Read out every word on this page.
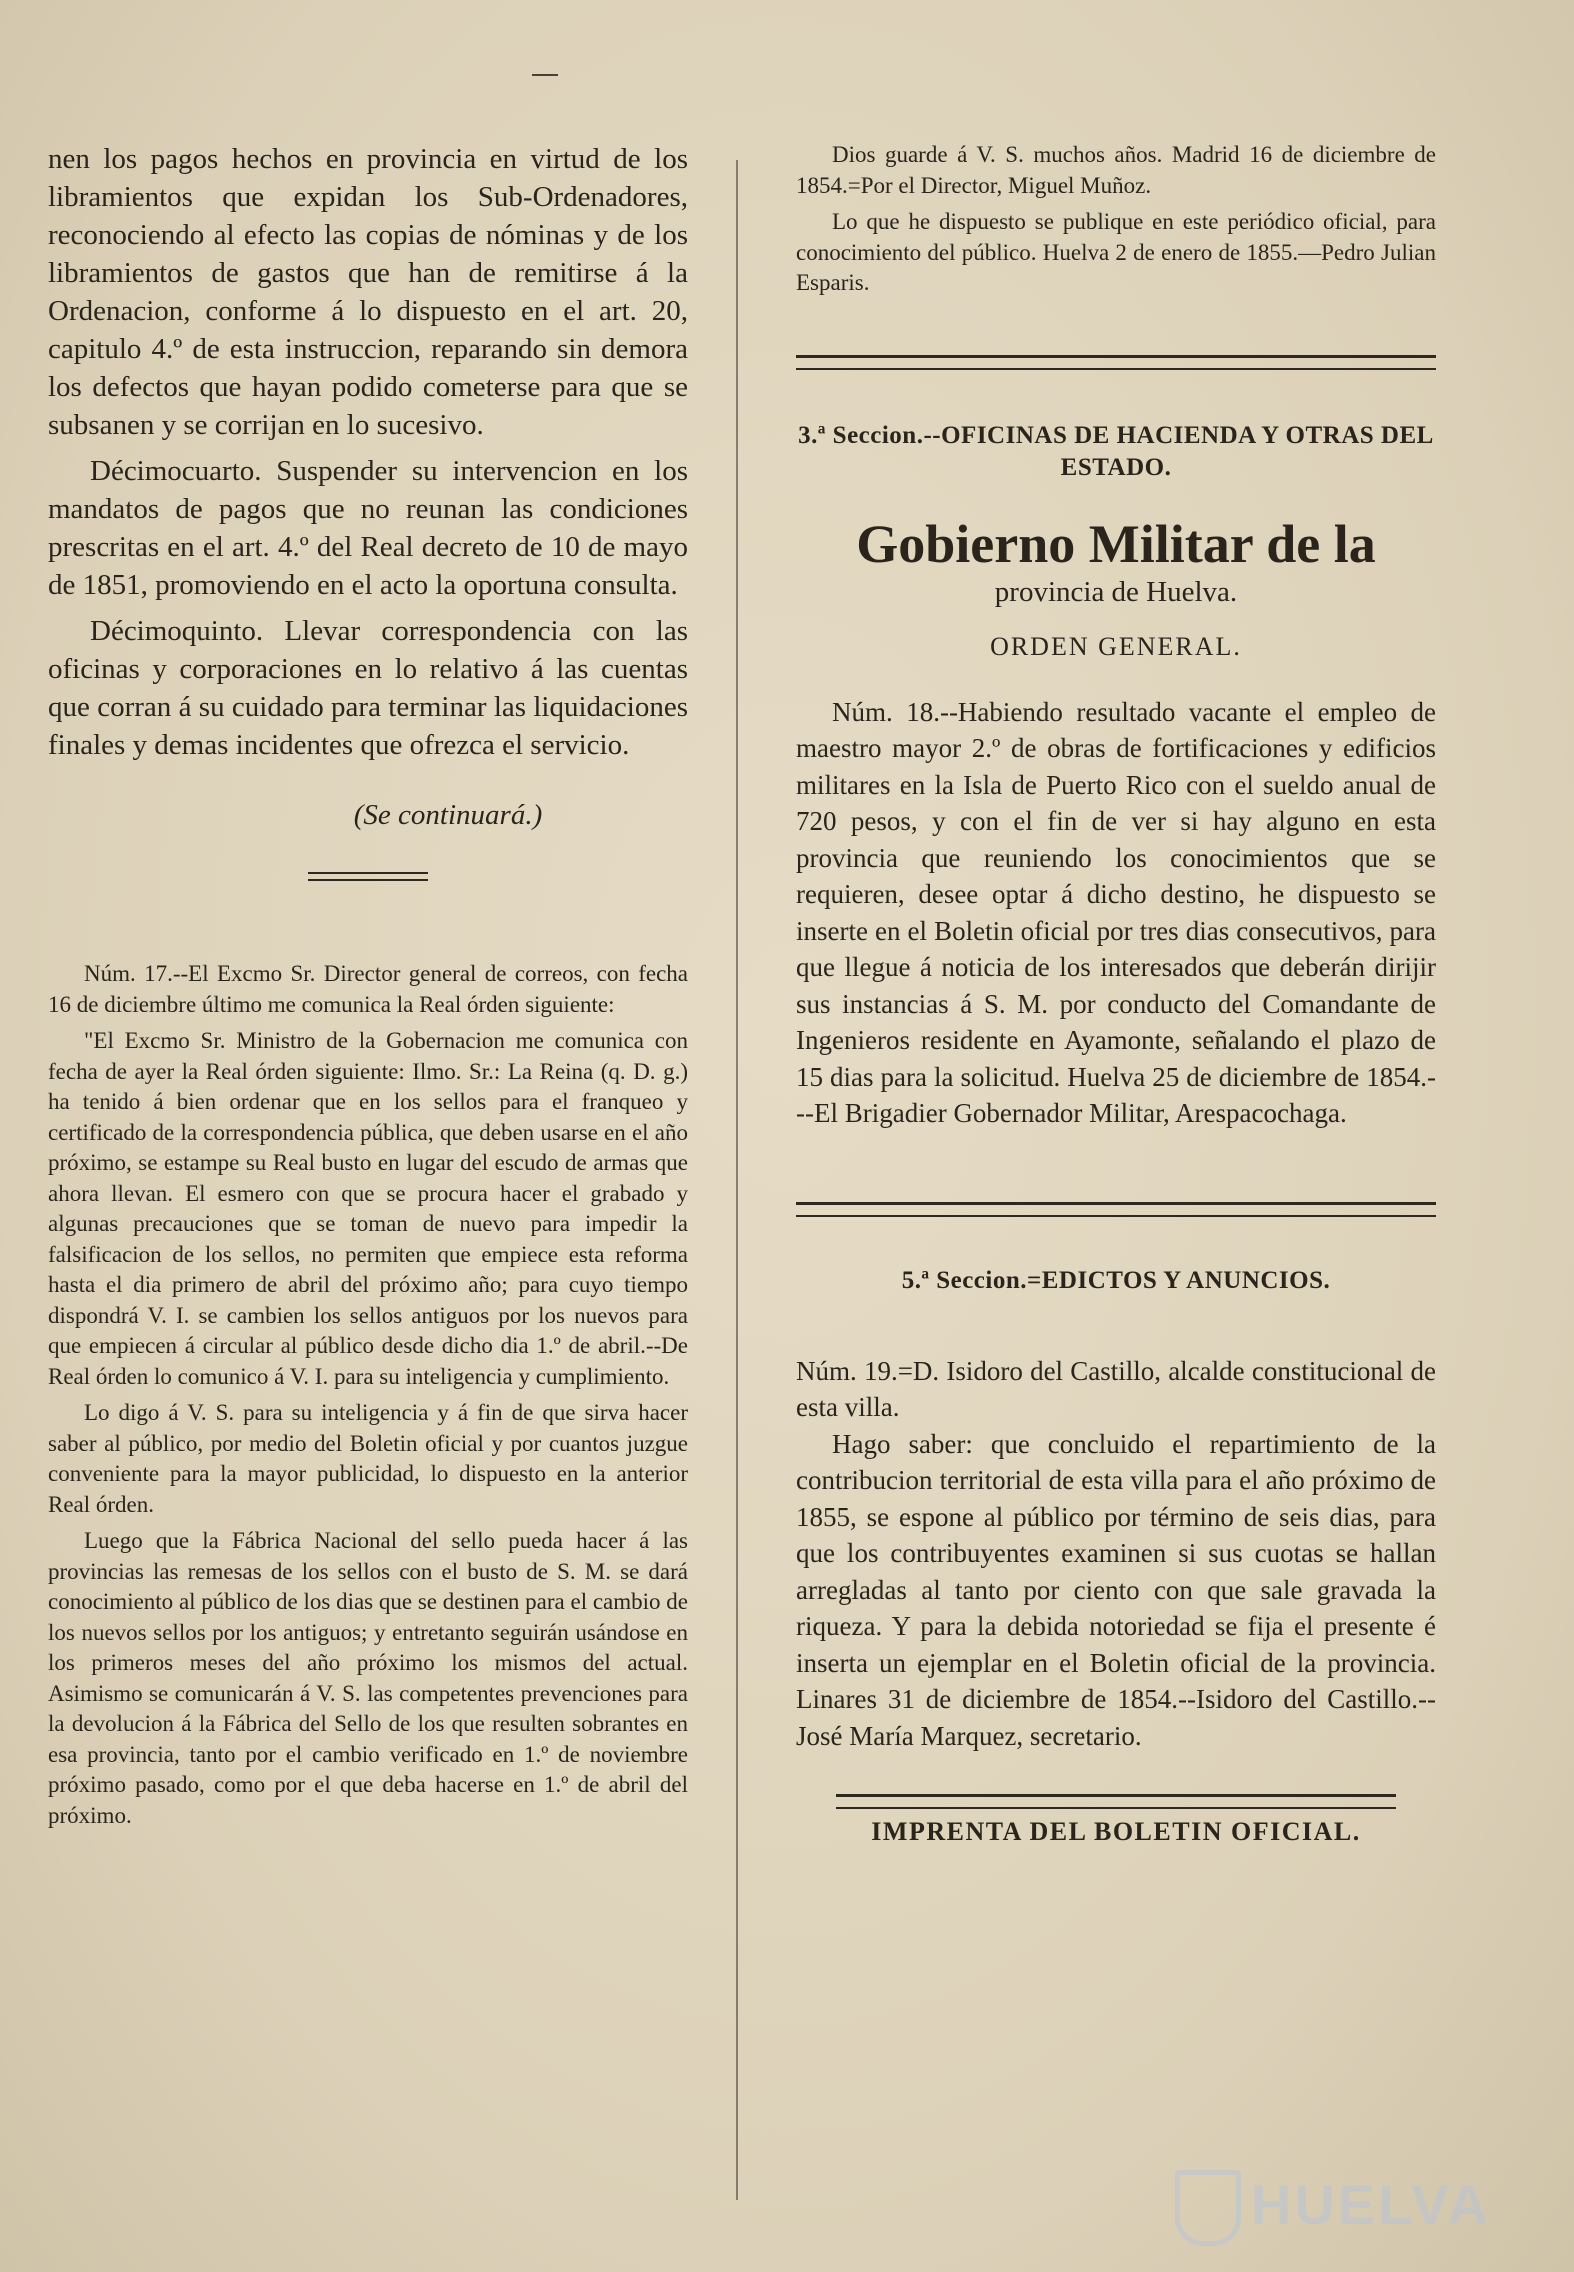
nen los pagos hechos en provincia en virtud de los libramientos que expidan los Sub-Ordenadores, reconociendo al efecto las copias de nóminas y de los libramientos de gastos que han de remitirse á la Ordenacion, conforme á lo dispuesto en el art. 20, capitulo 4.º de esta instruccion, reparando sin demora los defectos que hayan podido cometerse para que se subsanen y se corrijan en lo sucesivo.

Décimocuarto. Suspender su intervencion en los mandatos de pagos que no reunan las condiciones prescritas en el art. 4.º del Real decreto de 10 de mayo de 1851, promoviendo en el acto la oportuna consulta.

Décimoquinto. Llevar correspondencia con las oficinas y corporaciones en lo relativo á las cuentas que corran á su cuidado para terminar las liquidaciones finales y demas incidentes que ofrezca el servicio.

(Se continuará.)

Núm. 17.--El Excmo Sr. Director general de correos, con fecha 16 de diciembre último me comunica la Real órden siguiente:

"El Excmo Sr. Ministro de la Gobernacion me comunica con fecha de ayer la Real órden siguiente: Ilmo. Sr.: La Reina (q. D. g.) ha tenido á bien ordenar que en los sellos para el franqueo y certificado de la correspondencia pública, que deben usarse en el año próximo, se estampe su Real busto en lugar del escudo de armas que ahora llevan. El esmero con que se procura hacer el grabado y algunas precauciones que se toman de nuevo para impedir la falsificacion de los sellos, no permiten que empiece esta reforma hasta el dia primero de abril del próximo año; para cuyo tiempo dispondrá V. I. se cambien los sellos antiguos por los nuevos para que empiecen á circular al público desde dicho dia 1.º de abril.--De Real órden lo comunico á V. I. para su inteligencia y cumplimiento.

Lo digo á V. S. para su inteligencia y á fin de que sirva hacer saber al público, por medio del Boletin oficial y por cuantos juzgue conveniente para la mayor publicidad, lo dispuesto en la anterior Real órden.

Luego que la Fábrica Nacional del sello pueda hacer á las provincias las remesas de los sellos con el busto de S. M. se dará conocimiento al público de los dias que se destinen para el cambio de los nuevos sellos por los antiguos; y entretanto seguirán usándose en los primeros meses del año próximo los mismos del actual. Asimismo se comunicarán á V. S. las competentes prevenciones para la devolucion á la Fábrica del Sello de los que resulten sobrantes en esa provincia, tanto por el cambio verificado en 1.º de noviembre próximo pasado, como por el que deba hacerse en 1.º de abril del próximo.

Dios guarde á V. S. muchos años. Madrid 16 de diciembre de 1854.=Por el Director, Miguel Muñoz.

Lo que he dispuesto se publique en este periódico oficial, para conocimiento del público. Huelva 2 de enero de 1855.—Pedro Julian Esparis.

3.ª Seccion.--OFICINAS DE HACIENDA Y OTRAS DEL ESTADO.
Gobierno Militar de la
provincia de Huelva.
ORDEN GENERAL.

Núm. 18.--Habiendo resultado vacante el empleo de maestro mayor 2.º de obras de fortificaciones y edificios militares en la Isla de Puerto Rico con el sueldo anual de 720 pesos, y con el fin de ver si hay alguno en esta provincia que reuniendo los conocimientos que se requieren, desee optar á dicho destino, he dispuesto se inserte en el Boletin oficial por tres dias consecutivos, para que llegue á noticia de los interesados que deberán dirijir sus instancias á S. M. por conducto del Comandante de Ingenieros residente en Ayamonte, señalando el plazo de 15 dias para la solicitud. Huelva 25 de diciembre de 1854.---El Brigadier Gobernador Militar, Arespacochaga.

5.ª Seccion.=EDICTOS Y ANUNCIOS.

Núm. 19.=D. Isidoro del Castillo, alcalde constitucional de esta villa.

Hago saber: que concluido el repartimiento de la contribucion territorial de esta villa para el año próximo de 1855, se espone al público por término de seis dias, para que los contribuyentes examinen si sus cuotas se hallan arregladas al tanto por ciento con que sale gravada la riqueza. Y para la debida notoriedad se fija el presente é inserta un ejemplar en el Boletin oficial de la provincia. Linares 31 de diciembre de 1854.--Isidoro del Castillo.--José María Marquez, secretario.

IMPRENTA DEL BOLETIN OFICIAL.
HUELVA
